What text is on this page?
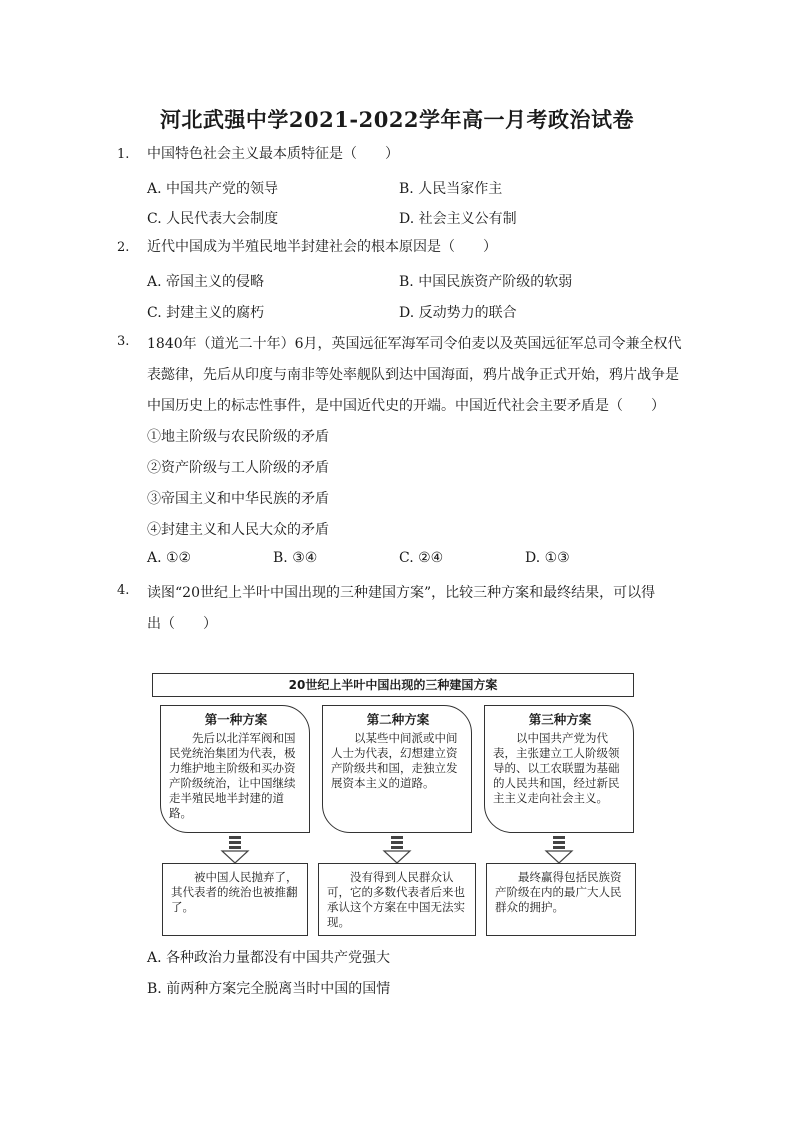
河北武强中学2021-2022学年高一月考政治试卷
1.	中国特色社会主义最本质特征是（　　）
A. 中国共产党的领导	B. 人民当家作主
C. 人民代表大会制度	D. 社会主义公有制
2.	近代中国成为半殖民地半封建社会的根本原因是（　　）
A. 帝国主义的侵略	B. 中国民族资产阶级的软弱
C. 封建主义的腐朽	D. 反动势力的联合
3.	1840年（道光二十年）6月，英国远征军海军司令伯麦以及英国远征军总司令兼全权代
表懿律，先后从印度与南非等处率舰队到达中国海面，鸦片战争正式开始，鸦片战争是
中国历史上的标志性事件，是中国近代史的开端。中国近代社会主要矛盾是（　　）
①地主阶级与农民阶级的矛盾
②资产阶级与工人阶级的矛盾
③帝国主义和中华民族的矛盾
④封建主义和人民大众的矛盾
A. ①②	B. ③④	C. ②④	D. ①③
4.	读图“20世纪上半叶中国出现的三种建国方案”，比较三种方案和最终结果，可以得
出（　　）
20世纪上半叶中国出现的三种建国方案
第一种方案
先后以北洋军阀和国民党统治集团为代表，极力维护地主阶级和买办资产阶级统治，让中国继续走半殖民地半封建的道路。
第二种方案
以某些中间派或中间人士为代表，幻想建立资产阶级共和国，走独立发展资本主义的道路。
第三种方案
以中国共产党为代表，主张建立工人阶级领导的、以工农联盟为基础的人民共和国，经过新民主主义走向社会主义。
被中国人民抛弃了，其代表者的统治也被推翻了。
没有得到人民群众认可，它的多数代表者后来也承认这个方案在中国无法实现。
最终赢得包括民族资产阶级在内的最广大人民群众的拥护。
A. 各种政治力量都没有中国共产党强大
B. 前两种方案完全脱离当时中国的国情
